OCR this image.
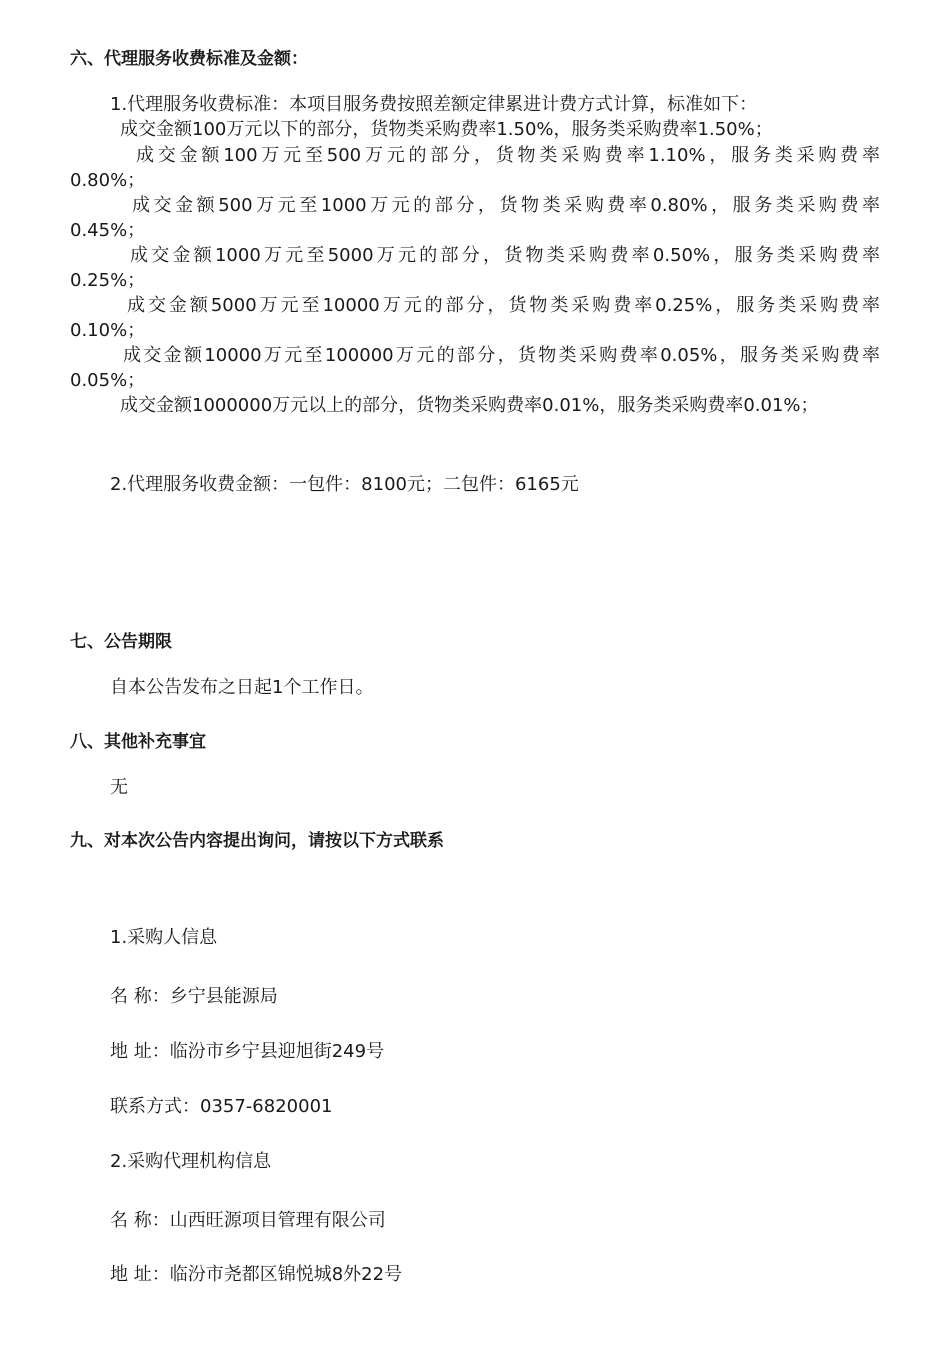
六、代理服务收费标准及金额：
1.代理服务收费标准：本项目服务费按照差额定律累进计费方式计算，标准如下：
成交金额100万元以下的部分，货物类采购费率1.50%，服务类采购费率1.50%；
成交金额100万元至500万元的部分，货物类采购费率1.10%，服务类采购费率
0.80%；
成交金额500万元至1000万元的部分，货物类采购费率0.80%，服务类采购费率
0.45%；
成交金额1000万元至5000万元的部分，货物类采购费率0.50%，服务类采购费率
0.25%；
成交金额5000万元至10000万元的部分，货物类采购费率0.25%，服务类采购费率
0.10%；
成交金额10000万元至100000万元的部分，货物类采购费率0.05%，服务类采购费率
0.05%；
成交金额1000000万元以上的部分，货物类采购费率0.01%，服务类采购费率0.01%；
2.代理服务收费金额：一包件：8100元；二包件：6165元
七、公告期限
自本公告发布之日起1个工作日。
八、其他补充事宜
无
九、对本次公告内容提出询问，请按以下方式联系
1.采购人信息
名 称：乡宁县能源局
地 址：临汾市乡宁县迎旭街249号
联系方式：0357-6820001
2.采购代理机构信息
名 称：山西旺源项目管理有限公司
地 址：临汾市尧都区锦悦城8外22号
